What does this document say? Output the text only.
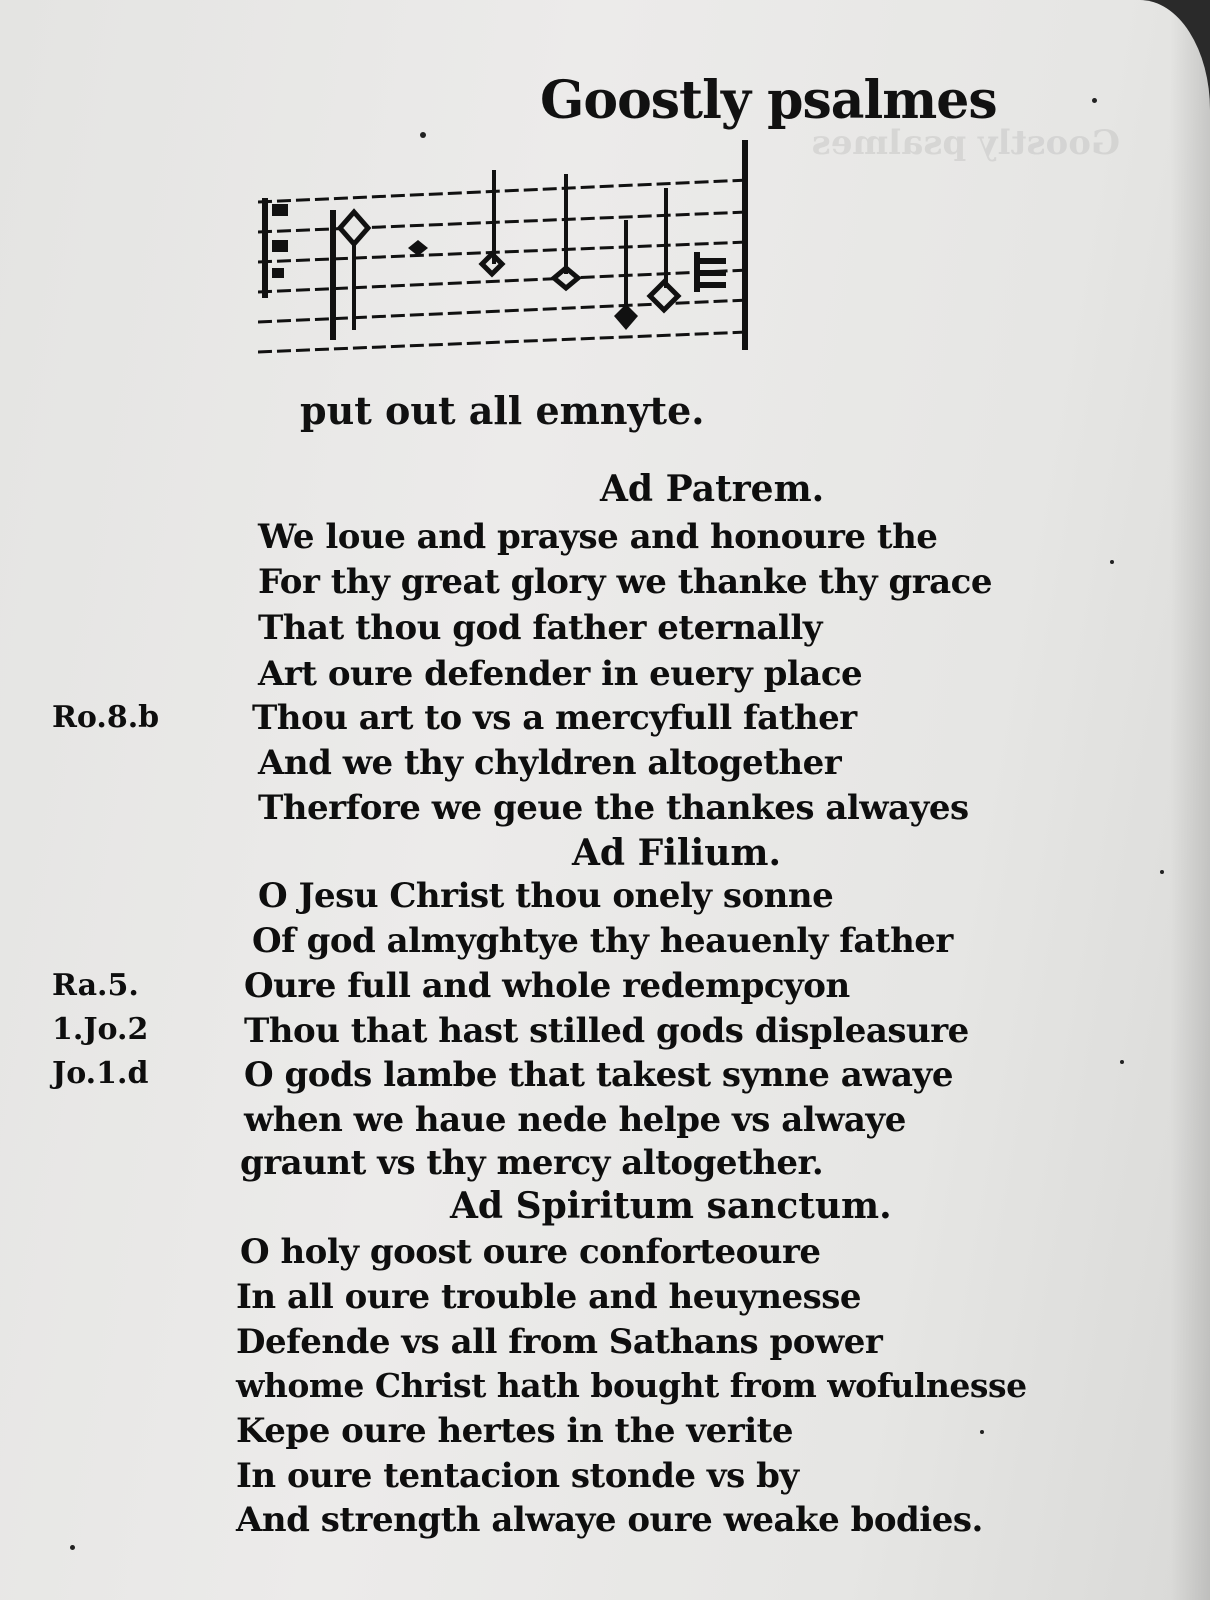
Goostly psalmes
Goostly psalmes
put out all emnyte.
Ad Patrem.
We loue and prayse and honoure the
For thy great glory we thanke thy grace
That thou god father eternally
Art oure defender in euery place
Thou art to vs a mercyfull father
And we thy chyldren altogether
Therfore we geue the thankes alwayes
Ad Filium.
O Jesu Christ thou onely sonne
Of god almyghtye thy heauenly father
Oure full and whole redempcyon
Thou that hast stilled gods displeasure
O gods lambe that takest synne awaye
when we haue nede helpe vs alwaye
graunt vs thy mercy altogether.
Ad Spiritum sanctum.
O holy goost oure conforteoure
In all oure trouble and heuynesse
Defende vs all from Sathans power
whome Christ hath bought from wofulnesse
Kepe oure hertes in the verite
In oure tentacion stonde vs by
And strength alwaye oure weake bodies.
Ro.8.b
Ra.5.
1.Jo.2
Jo.1.d
